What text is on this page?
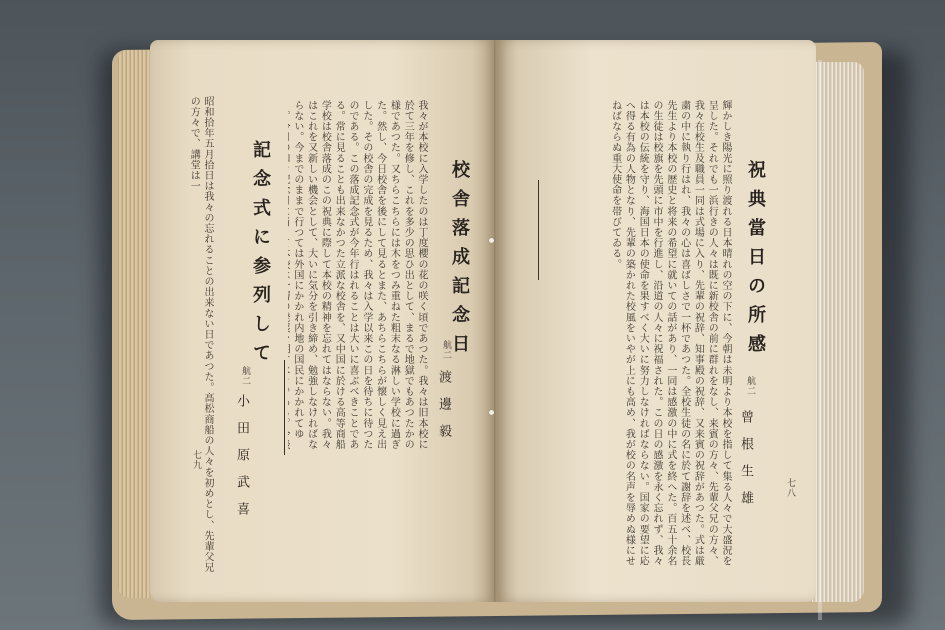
校舎落成記念日
航二
渡邊毅
我々が本校に入学したのは丁度櫻の花の咲く頃であつた。我々は旧本校に於て三年を修し、これを多少の思ひ出として、まるで地獄でもあつたかの様であつた。又ちらこちらには木をつみ重ねた粗末なる淋しい学校に過ぎた。然し、今日校舎を後にして見るとまた、あちらこちらが懐しく見え出した。その校舎の完成を見るため、我々は入学以来この日を待ちに待つたのである。この落成記念式が今年行はれることは大いに喜ぶべきことである。常に見ることも出来なかつた立派な校舎を、又中国に於ける高等商船学校は校舎落成のこの祝典に際して本校の精神を忘れてはならない。我々はこれを又新しい機会として、大いに気分を引き締め、勉強しなければならない。今までのままで行つては外国にかかれ内地の国民にかかれてゆ
記念式に参列して
航二
小田原武喜
昭和拾年五月拾日は我々の忘れることの出来ない日であつた。高松商船の人々を初めとし、先輩父兄の方々で、講堂は一
七九	輝かしき陽光に照り渡れる日本晴れの空の下に、今朝は未明より本校を指して集る人々で大盛況を呈した。それでも一浜行きの人々は既に新校舎の前に群れをなし、来賓の方々、先輩父兄の方々、我々在校生及職員一同は式場に入り、先輩の祝辞、知事殿の祝辞、又来賓の祝辞があつた。式は厳粛の中に執り行はれ、我々の心は喜ばしさで一杯であつた。全校生徒の名に於て謝辞を述べ、校長先生より本校の歴史と将来の希望に就いての話があり、一同は感激の中に式を終へた。百五十余名の生徒は校旗を先頭に市中を行進し、沿道の人々に祝福された。この日の感激を永く忘れず、我々は本校の伝統を守り、海国日本の使命を果すべく大いに努力しなければならない。国家の要望に応へ得る有為の人物となり、先輩の築かれた校風をいやが上にも高め、我が校の名声を辱めぬ様にせねばならぬ重大使命を帯びてゐる。	祝典當日の所感
航二
曾根生雄	七八
